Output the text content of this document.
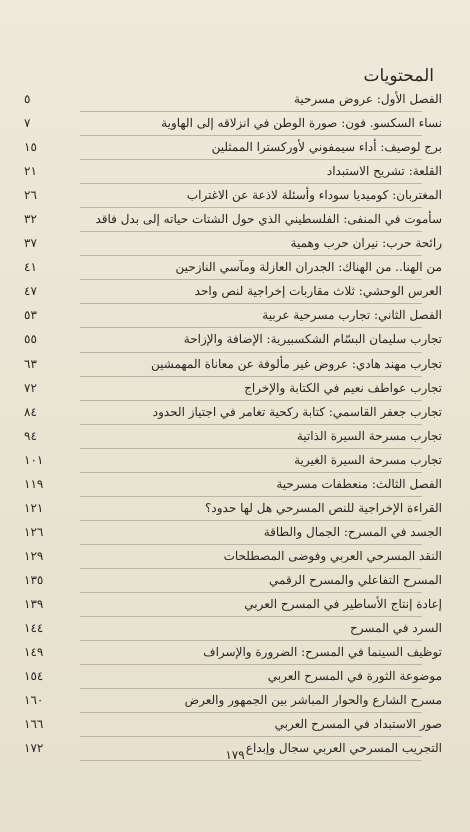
المحتويات
الفصل الأول: عروض مسرحية
٥
نساء السكسو. فون: صورة الوطن في انزلاقه إلى الهاوية
٧
برج لوصيف: أداء سيمفوني لأوركسترا الممثلين
١٥
القلعة: تشريح الاستبداد
٢١
المغتربان: كوميديا سوداء وأسئلة لاذعة عن الاغتراب
٢٦
سأموت في المنفى: الفلسطيني الذي حول الشتات حياته إلى بدل فاقد
٣٢
رائحة حرب: نيران حرب وهمية
٣٧
من الهنا.. من الهناك: الجدران العازلة ومآسي النازحين
٤١
العرس الوحشي: ثلاث مقاربات إخراجية لنص واحد
٤٧
الفصل الثاني: تجارب مسرحية عربية
٥٣
تجارب سليمان البسّام الشكسبيرية: الإضافة والإزاحة
٥٥
تجارب مهند هادي: عروض غير مألوفة عن معاناة المهمشين
٦٣
تجارب عواطف نعيم في الكتابة والإخراج
٧٢
تجارب جعفر القاسمي: كتابة ركحية تغامر في اجتياز الحدود
٨٤
تجارب مسرحة السيرة الذاتية
٩٤
تجارب مسرحة السيرة الغيرية
١٠١
الفصل الثالث: منعطفات مسرحية
١١٩
القراءة الإخراجية للنص المسرحي هل لها حدود؟
١٢١
الجسد في المسرح: الجمال والطاقة
١٢٦
النقد المسرحي العربي وفوضى المصطلحات
١٢٩
المسرح التفاعلي والمسرح الرقمي
١٣٥
إعادة إنتاج الأساطير في المسرح العربي
١٣٩
السرد في المسرح
١٤٤
توظيف السينما في المسرح: الضرورة والإسراف
١٤٩
موضوعة الثورة في المسرح العربي
١٥٤
مسرح الشارع والحوار المباشر بين الجمهور والعرض
١٦٠
صور الاستبداد في المسرح العربي
١٦٦
التجريب المسرحي العربي سجال وإبداع
١٧٢	١٧٩
